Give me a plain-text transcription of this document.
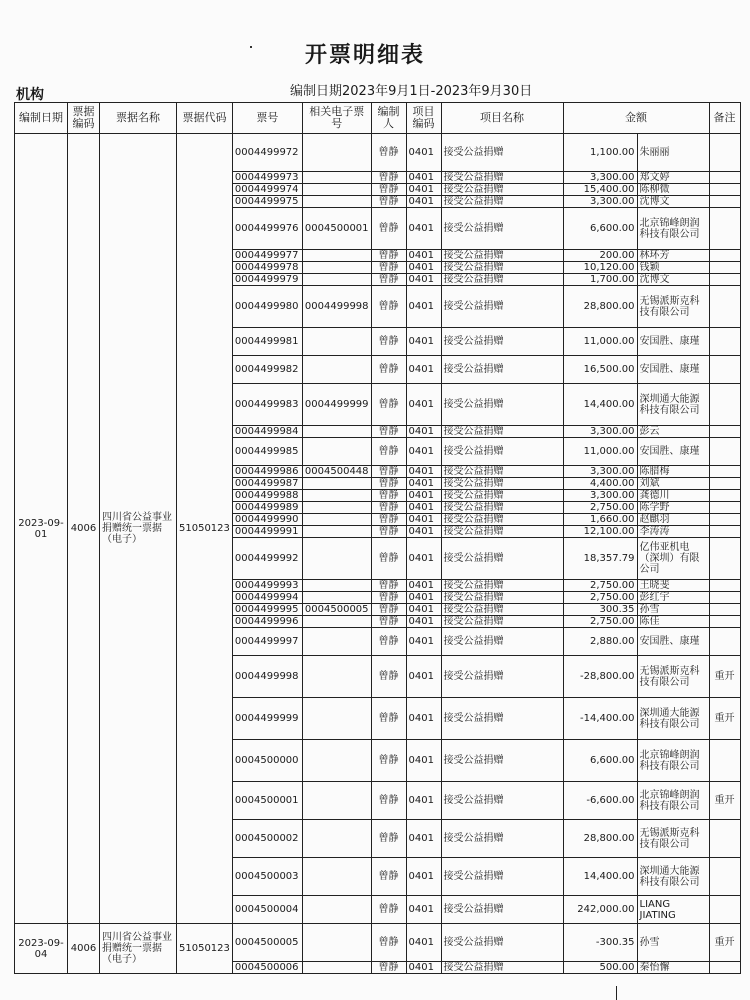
开票明细表
机构	编制日期2023年9月1日-2023年9月30日
编制日期	票据编码	票据名称	票据代码	票号	相关电子票号	编制人	项目编码	项目名称	金额		备注
2023-09-01	4006	四川省公益事业捐赠统一票据（电子）	51050123	0004499972		曾静	0401	接受公益捐赠	1,100.00	朱丽丽	
				0004499973		曾静	0401	接受公益捐赠	3,300.00	郑文婷	
				0004499974		曾静	0401	接受公益捐赠	15,400.00	陈柳微	
				0004499975		曾静	0401	接受公益捐赠	3,300.00	沈博文	
				0004499976	0004500001	曾静	0401	接受公益捐赠	6,600.00	北京锦峰朗润科技有限公司	
				0004499977		曾静	0401	接受公益捐赠	200.00	林环芳	
				0004499978		曾静	0401	接受公益捐赠	10,120.00	钱颖	
				0004499979		曾静	0401	接受公益捐赠	1,700.00	沈博文	
				0004499980	0004499998	曾静	0401	接受公益捐赠	28,800.00	无锡派斯克科技有限公司	
				0004499981		曾静	0401	接受公益捐赠	11,000.00	安国胜、康瑾	
				0004499982		曾静	0401	接受公益捐赠	16,500.00	安国胜、康瑾	
				0004499983	0004499999	曾静	0401	接受公益捐赠	14,400.00	深圳通大能源科技有限公司	
				0004499984		曾静	0401	接受公益捐赠	3,300.00	彭云	
				0004499985		曾静	0401	接受公益捐赠	11,000.00	安国胜、康瑾	
				0004499986	0004500448	曾静	0401	接受公益捐赠	3,300.00	陈腊梅	
				0004499987		曾静	0401	接受公益捐赠	4,400.00	刘斌	
				0004499988		曾静	0401	接受公益捐赠	3,300.00	龚德川	
				0004499989		曾静	0401	接受公益捐赠	2,750.00	陈学野	
				0004499990		曾静	0401	接受公益捐赠	1,660.00	赵麒羽	
				0004499991		曾静	0401	接受公益捐赠	12,100.00	李涛涛	
				0004499992		曾静	0401	接受公益捐赠	18,357.79	亿伟亚机电（深圳）有限公司	
				0004499993		曾静	0401	接受公益捐赠	2,750.00	王晓斐	
				0004499994		曾静	0401	接受公益捐赠	2,750.00	彭红宇	
				0004499995	0004500005	曾静	0401	接受公益捐赠	300.35	孙雪	
				0004499996		曾静	0401	接受公益捐赠	2,750.00	陈佳	
				0004499997		曾静	0401	接受公益捐赠	2,880.00	安国胜、康瑾	
				0004499998		曾静	0401	接受公益捐赠	-28,800.00	无锡派斯克科技有限公司	重开
				0004499999		曾静	0401	接受公益捐赠	-14,400.00	深圳通大能源科技有限公司	重开
				0004500000		曾静	0401	接受公益捐赠	6,600.00	北京锦峰朗润科技有限公司	
				0004500001		曾静	0401	接受公益捐赠	-6,600.00	北京锦峰朗润科技有限公司	重开
				0004500002		曾静	0401	接受公益捐赠	28,800.00	无锡派斯克科技有限公司	
				0004500003		曾静	0401	接受公益捐赠	14,400.00	深圳通大能源科技有限公司	
				0004500004		曾静	0401	接受公益捐赠	242,000.00	LIANG JIATING	
2023-09-04	4006	四川省公益事业捐赠统一票据（电子）	51050123	0004500005		曾静	0401	接受公益捐赠	-300.35	孙雪	重开
				0004500006		曾静	0401	接受公益捐赠	500.00	秦怡懈	
